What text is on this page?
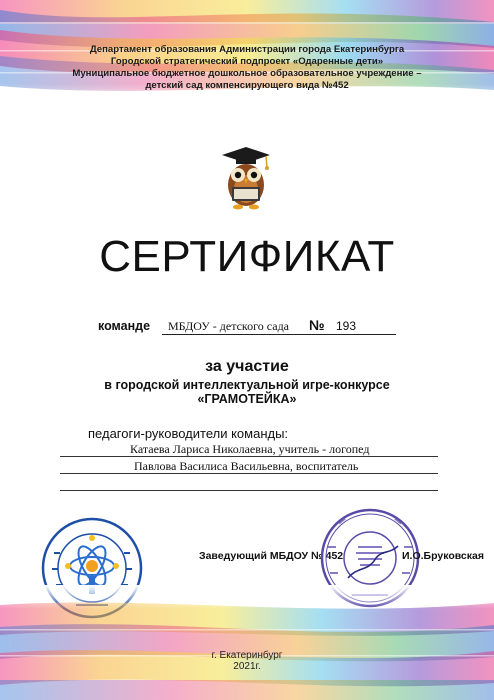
Департамент образования Администрации города Екатеринбурга
Городской стратегический подпроект «Одаренные дети»
Муниципальное бюджетное дошкольное образовательное учреждение –
детский сад компенсирующего вида №452
СЕРТИФИКАТ
команде МБДОУ - детского сада № 193
за участие
в городской интеллектуальной игре-конкурсе
«ГРАМОТЕЙКА»
педагоги-руководители команды:
Катаева Лариса Николаевна, учитель - логопед
Павлова Василиса Васильевна, воспитатель
Заведующий МБДОУ № 452	И.О.Бруковская
г. Екатеринбург
2021г.
